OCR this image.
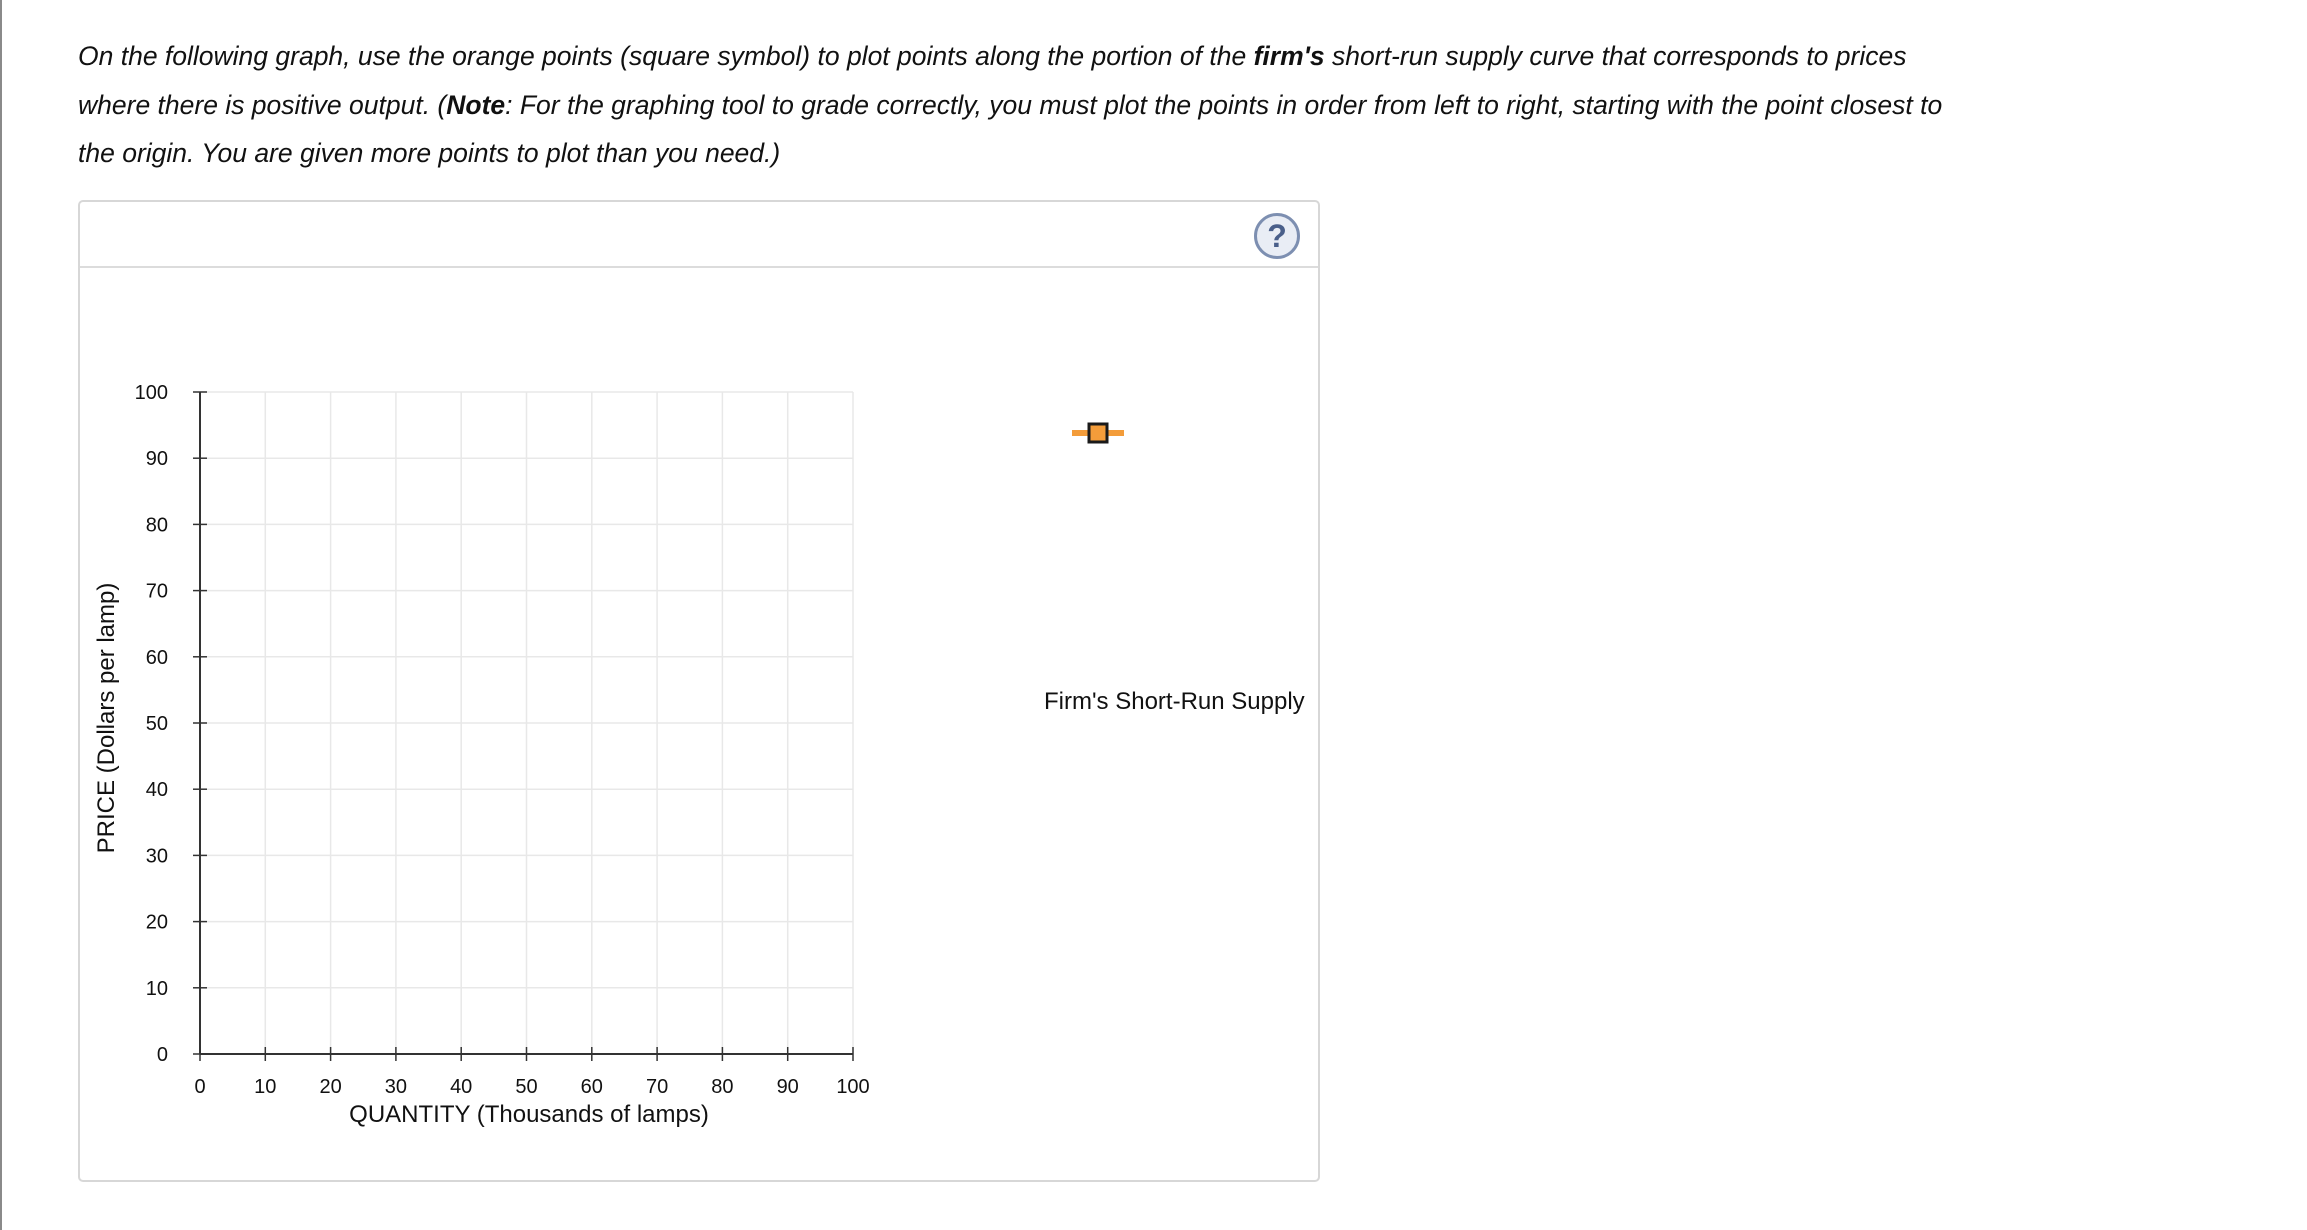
On the following graph, use the orange points (square symbol) to plot points along the portion of the firm's short-run supply curve that corresponds to prices where there is positive output. (Note: For the graphing tool to grade correctly, you must plot the points in order from left to right, starting with the point closest to the origin. You are given more points to plot than you need.)
?
0 10 20 30 40 50 60 70 80 90 100
0
10
20
30
40
50
60
70
80
90
100
QUANTITY (Thousands of lamps)
PRICE (Dollars per lamp)	Firm's Short-Run Supply
